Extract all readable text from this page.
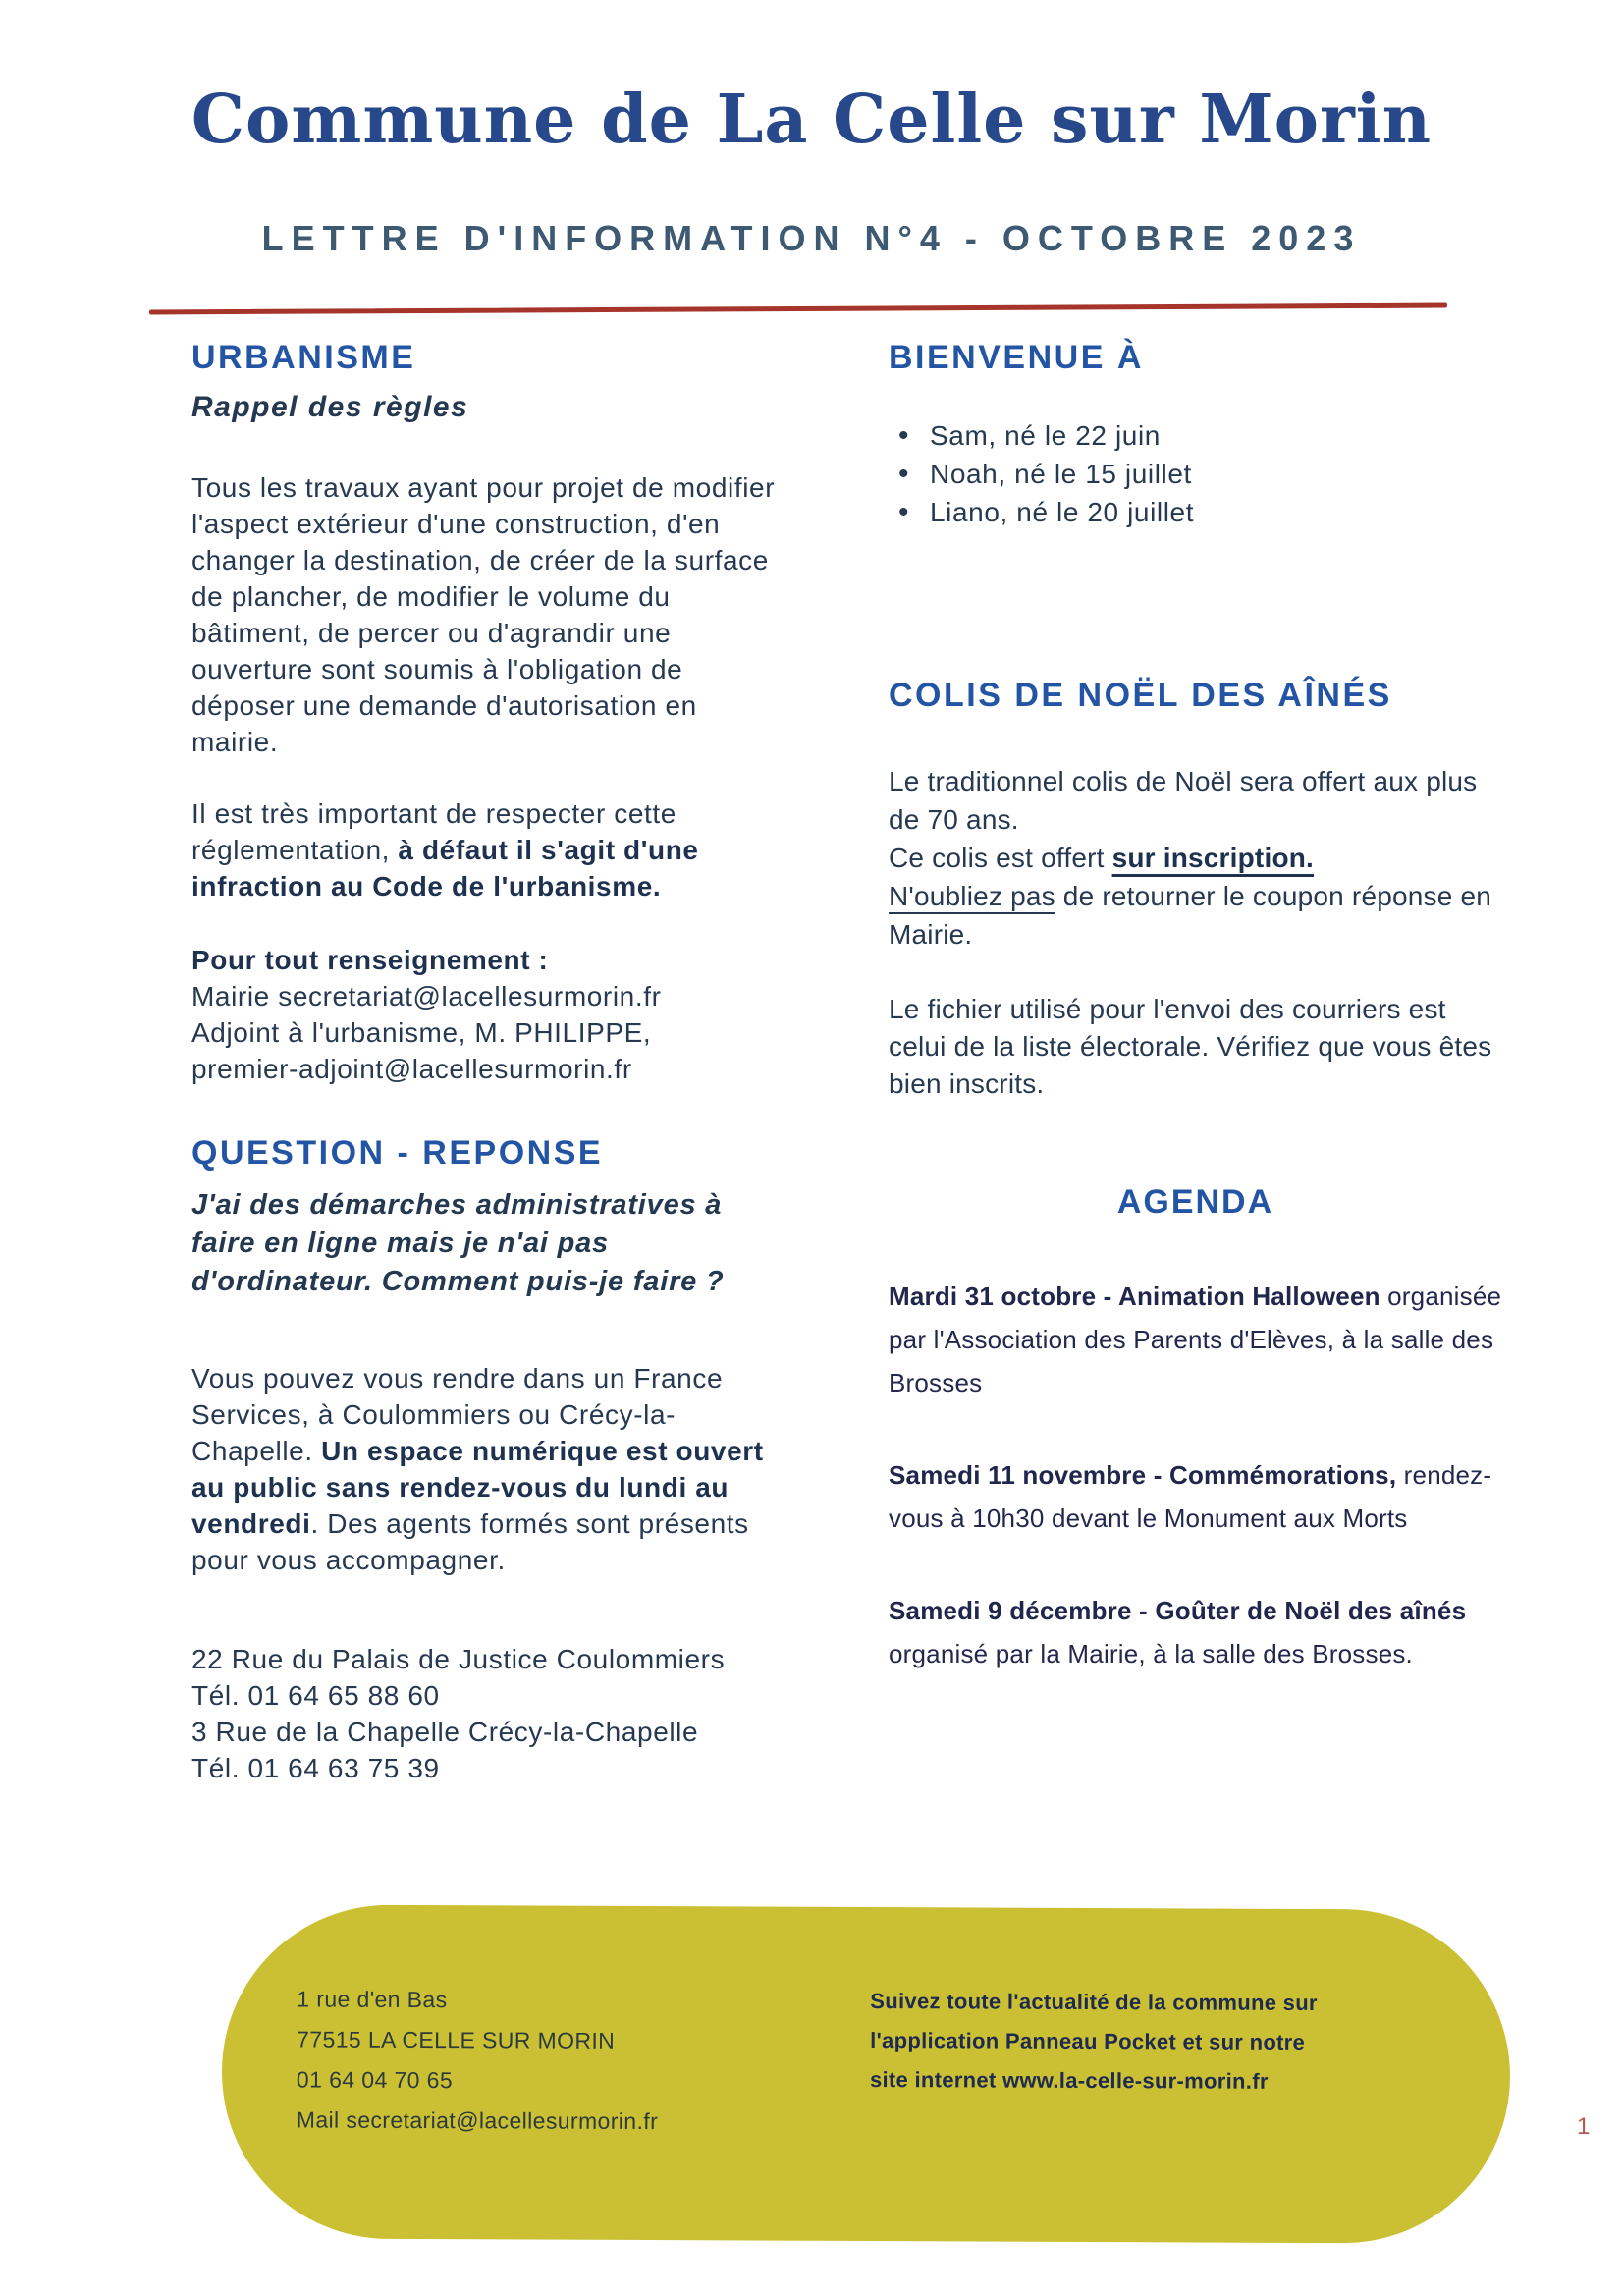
Commune de La Celle sur Morin
LETTRE D'INFORMATION N°4 - OCTOBRE 2023
URBANISME
Rappel des règles

Tous les travaux ayant pour projet de modifier l'aspect extérieur d'une construction, d'en changer la destination, de créer de la surface de plancher, de modifier le volume du bâtiment, de percer ou d'agrandir une ouverture sont soumis à l'obligation de déposer une demande d'autorisation en mairie.

Il est très important de respecter cette réglementation, à défaut il s'agit d'une infraction au Code de l'urbanisme.

Pour tout renseignement :
Mairie secretariat@lacellesurmorin.fr
Adjoint à l'urbanisme, M. PHILIPPE,
premier-adjoint@lacellesurmorin.fr
QUESTION - REPONSE
J'ai des démarches administratives à faire en ligne mais je n'ai pas d'ordinateur. Comment puis-je faire ?

Vous pouvez vous rendre dans un France Services, à Coulommiers ou Crécy-la-Chapelle. Un espace numérique est ouvert au public sans rendez-vous du lundi au vendredi. Des agents formés sont présents pour vous accompagner.

22 Rue du Palais de Justice Coulommiers
Tél. 01 64 65 88 60
3 Rue de la Chapelle Crécy-la-Chapelle
Tél. 01 64 63 75 39
BIENVENUE À
• Sam, né le 22 juin
• Noah, né le 15 juillet
• Liano, né le 20 juillet
COLIS DE NOËL DES AÎNÉS
Le traditionnel colis de Noël sera offert aux plus de 70 ans.
Ce colis est offert sur inscription.
N'oubliez pas de retourner le coupon réponse en Mairie.

Le fichier utilisé pour l'envoi des courriers est celui de la liste électorale. Vérifiez que vous êtes bien inscrits.

AGENDA

Mardi 31 octobre - Animation Halloween organisée par l'Association des Parents d'Elèves, à la salle des Brosses

Samedi 11 novembre - Commémorations, rendez-vous à 10h30 devant le Monument aux Morts

Samedi 9 décembre - Goûter de Noël des aînés organisé par la Mairie, à la salle des Brosses.

1 rue d'en Bas
77515 LA CELLE SUR MORIN
01 64 04 70 65
Mail secretariat@lacellesurmorin.fr
Suivez toute l'actualité de la commune sur
l'application Panneau Pocket et sur notre
site internet www.la-celle-sur-morin.fr
1
